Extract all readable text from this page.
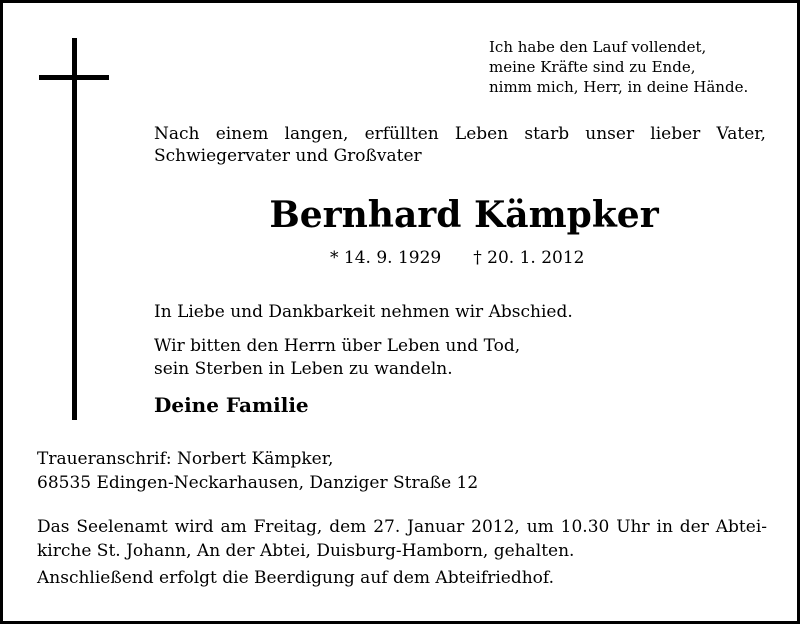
Ich habe den Lauf vollendet,
meine Kräfte sind zu Ende,
nimm mich, Herr, in deine Hände.
Nach einem langen, erfüllten Leben starb unser lieber Vater,
Schwiegervater und Großvater
Bernhard Kämpker
* 14. 9. 1929 † 20. 1. 2012
In Liebe und Dankbarkeit nehmen wir Abschied.
Wir bitten den Herrn über Leben und Tod,
sein Sterben in Leben zu wandeln.
Deine Familie
Traueranschrif: Norbert Kämpker,
68535 Edingen-Neckarhausen, Danziger Straße 12
Das Seelenamt wird am Freitag, dem 27. Januar 2012, um 10.30 Uhr in der Abtei-
kirche St. Johann, An der Abtei, Duisburg-Hamborn, gehalten.
Anschließend erfolgt die Beerdigung auf dem Abteifriedhof.
